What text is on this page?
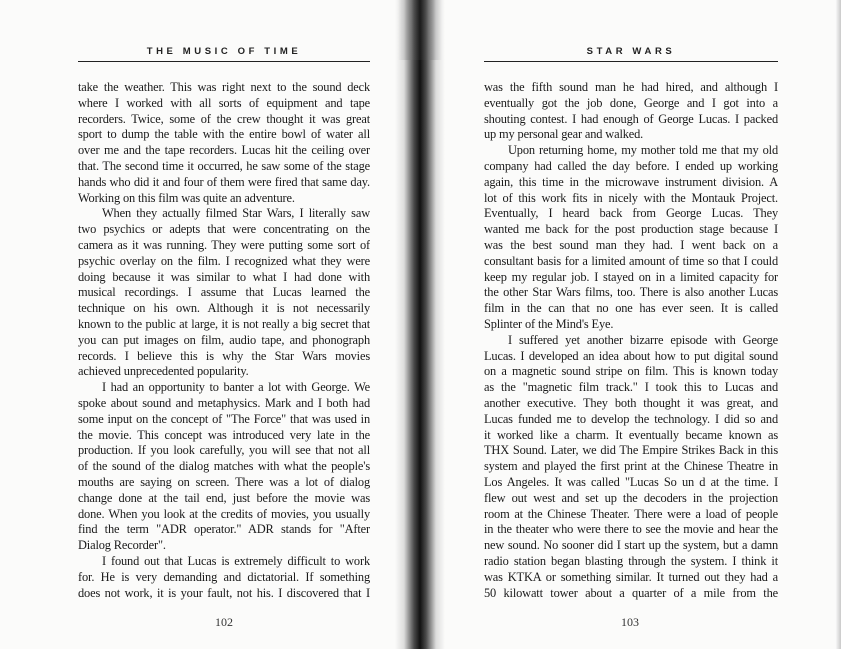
THE MUSIC OF TIME	STAR WARS
take the weather. This was right next to the sound deck
where I worked with all sorts of equipment and tape
recorders. Twice, some of the crew thought it was great
sport to dump the table with the entire bowl of water all
over me and the tape recorders. Lucas hit the ceiling over
that. The second time it occurred, he saw some of the stage
hands who did it and four of them were fired that same day.
Working on this film was quite an adventure.
When they actually filmed Star Wars, I literally saw
two psychics or adepts that were concentrating on the
camera as it was running. They were putting some sort of
psychic overlay on the film. I recognized what they were
doing because it was similar to what I had done with
musical recordings. I assume that Lucas learned the
technique on his own. Although it is not necessarily
known to the public at large, it is not really a big secret that
you can put images on film, audio tape, and phonograph
records. I believe this is why the Star Wars movies
achieved unprecedented popularity.
I had an opportunity to banter a lot with George. We
spoke about sound and metaphysics. Mark and I both had
some input on the concept of "The Force" that was used in
the movie. This concept was introduced very late in the
production. If you look carefully, you will see that not all
of the sound of the dialog matches with what the people's
mouths are saying on screen. There was a lot of dialog
change done at the tail end, just before the movie was
done. When you look at the credits of movies, you usually
find the term "ADR operator." ADR stands for "After
Dialog Recorder".
I found out that Lucas is extremely difficult to work
for. He is very demanding and dictatorial. If something
does not work, it is your fault, not his. I discovered that I
was the fifth sound man he had hired, and although I
eventually got the job done, George and I got into a
shouting contest. I had enough of George Lucas. I packed
up my personal gear and walked.
Upon returning home, my mother told me that my old
company had called the day before. I ended up working
again, this time in the microwave instrument division. A
lot of this work fits in nicely with the Montauk Project.
Eventually, I heard back from George Lucas. They
wanted me back for the post production stage because I
was the best sound man they had. I went back on a
consultant basis for a limited amount of time so that I could
keep my regular job. I stayed on in a limited capacity for
the other Star Wars films, too. There is also another Lucas
film in the can that no one has ever seen. It is called
Splinter of the Mind's Eye.
I suffered yet another bizarre episode with George
Lucas. I developed an idea about how to put digital sound
on a magnetic sound stripe on film. This is known today
as the "magnetic film track." I took this to Lucas and
another executive. They both thought it was great, and
Lucas funded me to develop the technology. I did so and
it worked like a charm. It eventually became known as
THX Sound. Later, we did The Empire Strikes Back in this
system and played the first print at the Chinese Theatre in
Los Angeles. It was called "Lucas So un d at the time. I
flew out west and set up the decoders in the projection
room at the Chinese Theater. There were a load of people
in the theater who were there to see the movie and hear the
new sound. No sooner did I start up the system, but a damn
radio station began blasting through the system. I think it
was KTKA or something similar. It turned out they had a
50 kilowatt tower about a quarter of a mile from the
102	103
